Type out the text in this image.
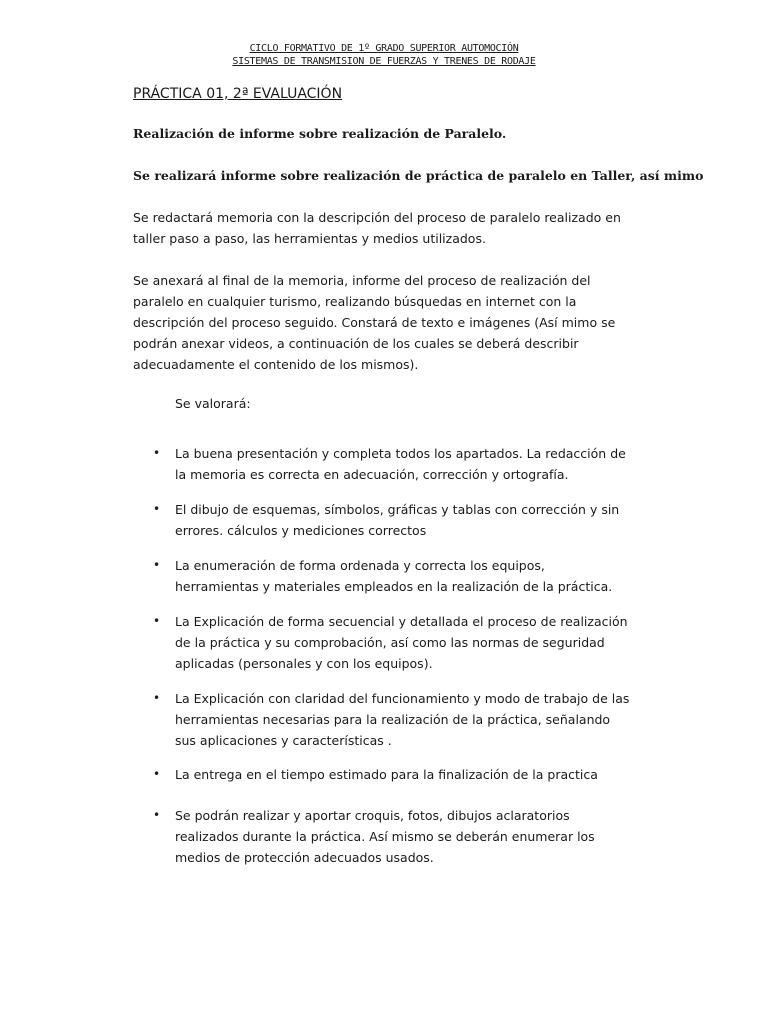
CICLO FORMATIVO DE 1º GRADO SUPERIOR AUTOMOCIÓN
SISTEMAS DE TRANSMISION DE FUERZAS Y TRENES DE RODAJE
PRÁCTICA 01, 2ª EVALUACIÓN
Realización de informe sobre realización de Paralelo.
Se realizará informe sobre realización de práctica de paralelo en Taller, así mimo
Se redactará memoria con la descripción del proceso de paralelo realizado en taller paso a paso, las herramientas y medios utilizados.
Se anexará al final de la memoria, informe del proceso de realización del paralelo en cualquier turismo, realizando búsquedas en internet con la descripción del proceso seguido. Constará de texto e imágenes (Así mimo se podrán anexar videos, a continuación de los cuales se deberá describir adecuadamente el contenido de los mismos).
Se valorará:
• La buena presentación y completa todos los apartados. La redacción de la memoria es correcta en adecuación, corrección y ortografía.
• El dibujo de esquemas, símbolos, gráficas y tablas con corrección y sin errores. cálculos y mediciones correctos
• La enumeración de forma ordenada y correcta los equipos, herramientas y materiales empleados en la realización de la práctica.
• La Explicación de forma secuencial y detallada el proceso de realización de la práctica y su comprobación, así como las normas de seguridad aplicadas (personales y con los equipos).
• La Explicación con claridad del funcionamiento y modo de trabajo de las herramientas necesarias para la realización de la práctica, señalando sus aplicaciones y características .
• La entrega en el tiempo estimado para la finalización de la practica
• Se podrán realizar y aportar croquis, fotos, dibujos aclaratorios realizados durante la práctica. Así mismo se deberán enumerar los medios de protección adecuados usados.
